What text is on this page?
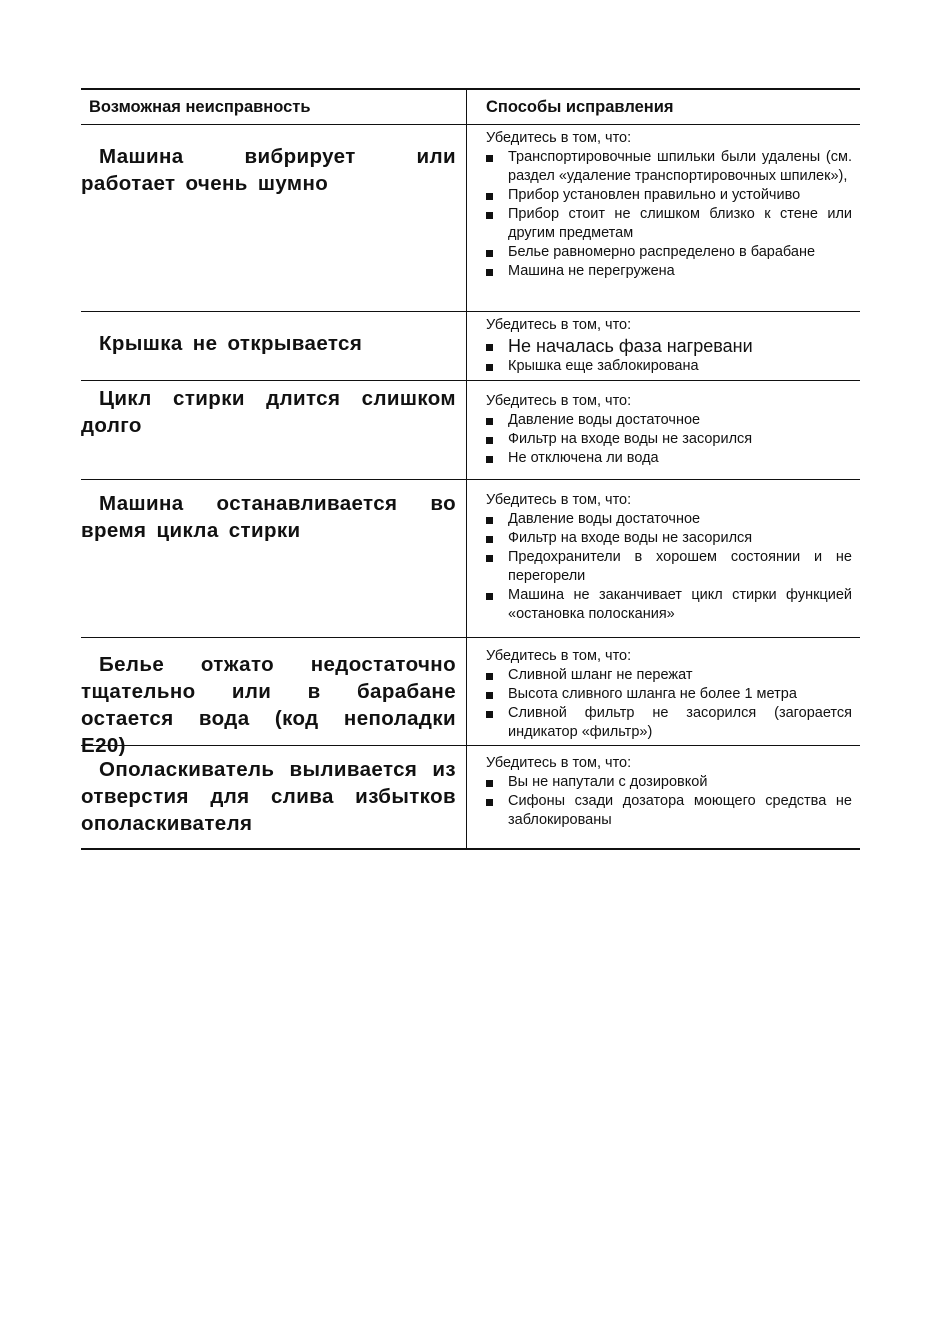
Возможная неисправность	Способы исправления
Машина вибрирует или работает очень шумно
Убедитесь в том, что:
Транспортировочные шпильки были удалены (см. раздел «удаление транспортировочных шпилек»),
Прибор установлен правильно и устойчиво
Прибор стоит не слишком близко к стене или другим предметам
Белье равномерно распределено в барабане
Машина не перегружена
Крышка не открывается
Убедитесь в том, что:
Не началась фаза нагревани
Крышка еще заблокирована
Цикл стирки длится слишком долго
Убедитесь в том, что:
Давление воды достаточное
Фильтр на входе воды не засорился
Не отключена ли вода
Машина останавливается во время цикла стирки
Убедитесь в том, что:
Давление воды достаточное
Фильтр на входе воды не засорился
Предохранители в хорошем состоянии и не перегорели
Машина не заканчивает цикл стирки функцией «остановка полоскания»
Белье отжато недостаточно тщательно или в барабане остается вода (код неполадки E20)
Убедитесь в том, что:
Сливной шланг не пережат
Высота сливного шланга не более 1 метра
Сливной фильтр не засорился (загорается индикатор «фильтр»)
Ополаскиватель выливается из отверстия для слива избытков ополаскивателя
Убедитесь в том, что:
Вы не напутали с дозировкой
Сифоны сзади дозатора моющего средства не заблокированы
